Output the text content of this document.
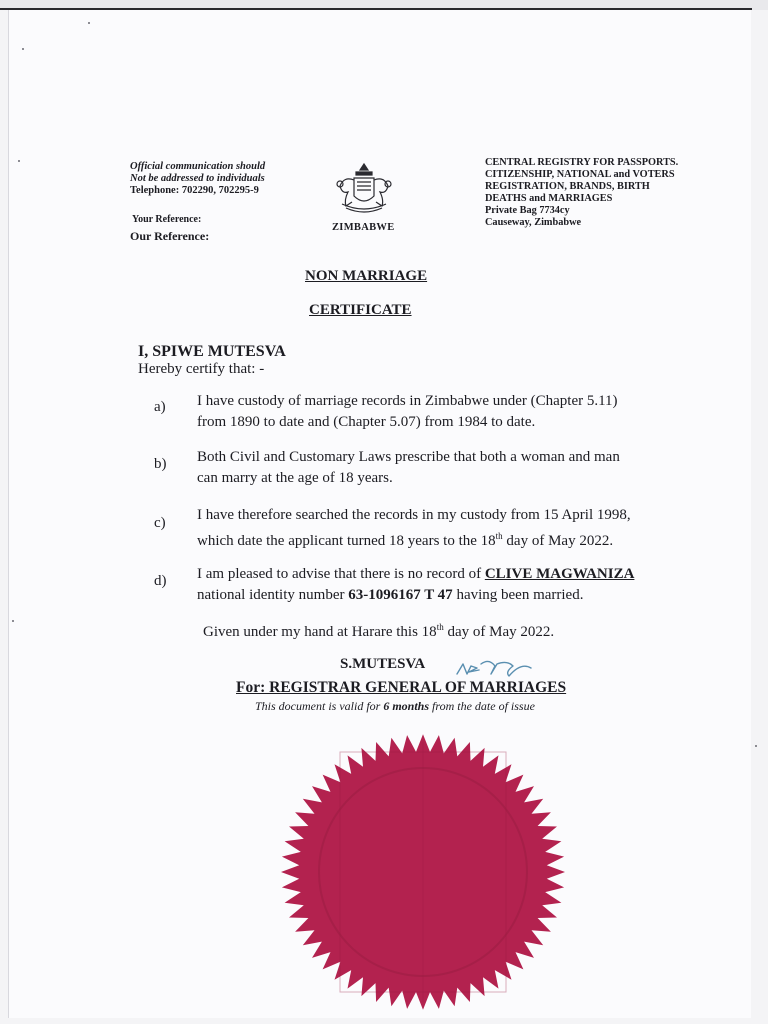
Official communication should
Not be addressed to individuals
Telephone: 702290, 702295-9
Your Reference:
Our Reference:
ZIMBABWE
CENTRAL REGISTRY FOR PASSPORTS.
CITIZENSHIP, NATIONAL and VOTERS
REGISTRATION, BRANDS, BIRTH
DEATHS and MARRIAGES
Private Bag 7734cy
Causeway, Zimbabwe
NON MARRIAGE
CERTIFICATE
I, SPIWE MUTESVA
Hereby certify that: -
a) I have custody of marriage records in Zimbabwe under (Chapter 5.11)
from 1890 to date and (Chapter 5.07) from 1984 to date.
b) Both Civil and Customary Laws prescribe that both a woman and man
can marry at the age of 18 years.
c) I have therefore searched the records in my custody from 15 April 1998,
which date the applicant turned 18 years to the 18th day of May 2022.
d) I am pleased to advise that there is no record of CLIVE MAGWANIZA
national identity number 63-1096167 T 47 having been married.
Given under my hand at Harare this 18th day of May 2022.
S.MUTESVA
For: REGISTRAR GENERAL OF MARRIAGES
This document is valid for 6 months from the date of issue
